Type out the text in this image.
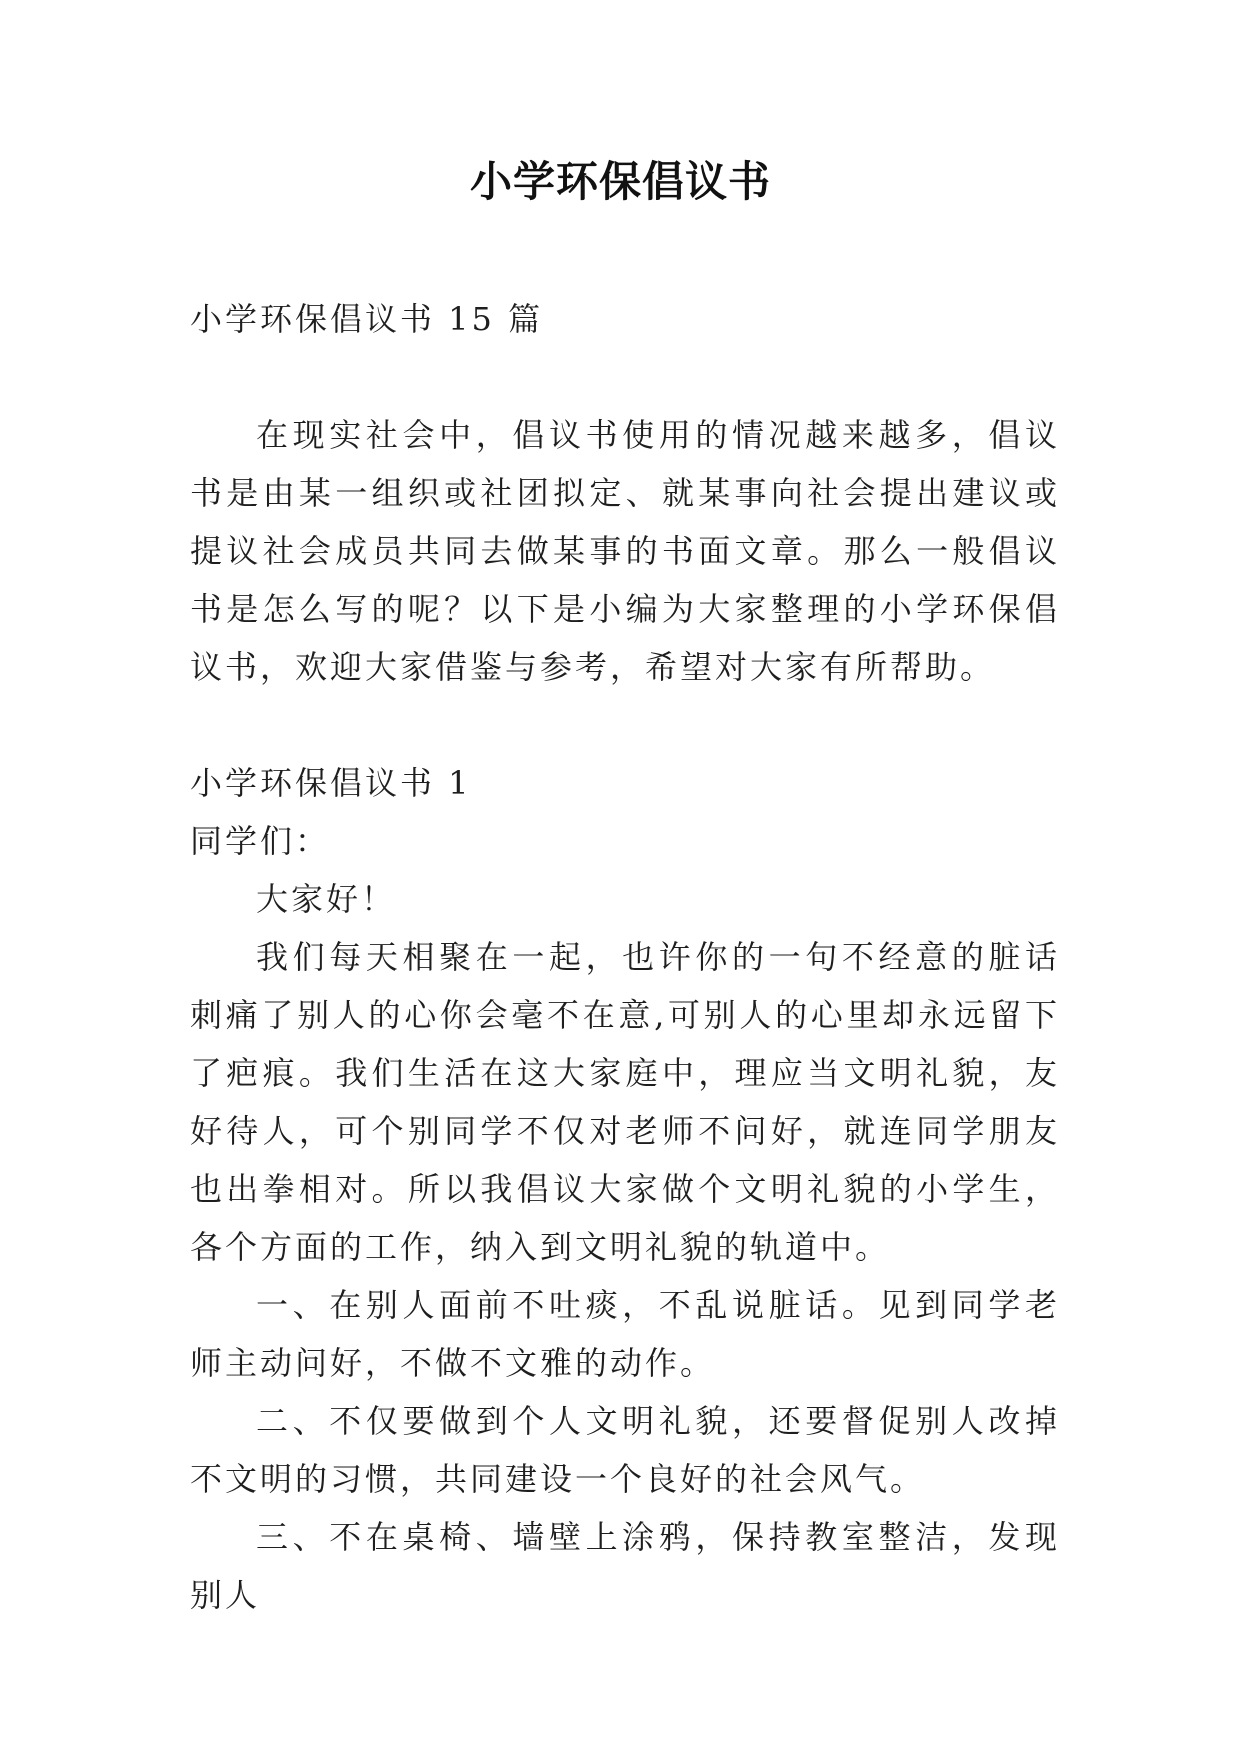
小学环保倡议书

小学环保倡议书 15 篇

在现实社会中，倡议书使用的情况越来越多，倡议书是由某一组织或社团拟定、就某事向社会提出建议或提议社会成员共同去做某事的书面文章。那么一般倡议书是怎么写的呢？以下是小编为大家整理的小学环保倡议书，欢迎大家借鉴与参考，希望对大家有所帮助。

小学环保倡议书 1

同学们：

大家好！

我们每天相聚在一起，也许你的一句不经意的脏话刺痛了别人的心你会毫不在意,可别人的心里却永远留下了疤痕。我们生活在这大家庭中，理应当文明礼貌，友好待人，可个别同学不仅对老师不问好，就连同学朋友也出拳相对。所以我倡议大家做个文明礼貌的小学生，各个方面的工作，纳入到文明礼貌的轨道中。

一、在别人面前不吐痰，不乱说脏话。见到同学老师主动问好，不做不文雅的动作。

二、不仅要做到个人文明礼貌，还要督促别人改掉不文明的习惯，共同建设一个良好的社会风气。

三、不在桌椅、墙壁上涂鸦，保持教室整洁，发现别人
